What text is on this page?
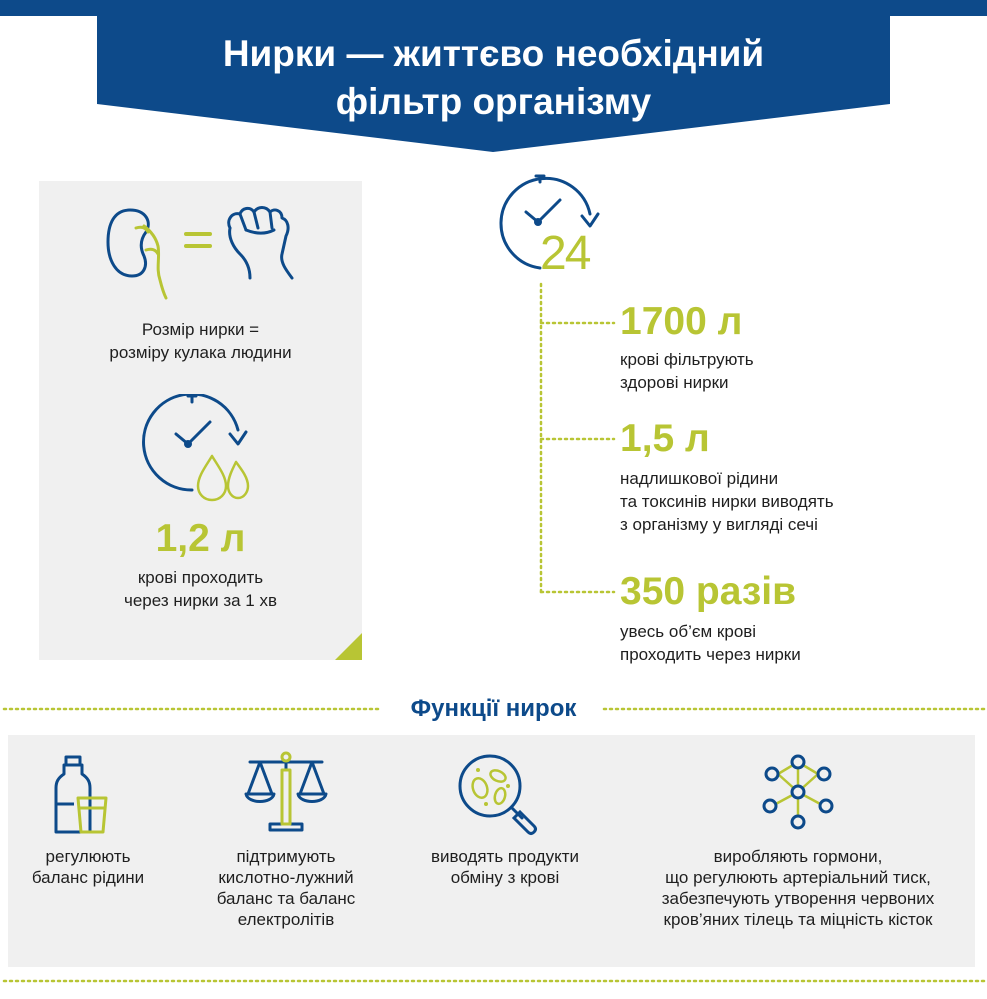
Нирки — життєво необхідний
фільтр організму
Розмір нирки =
розміру кулака людини
1,2 л
крові проходить
через нирки за 1 хв
24
1700 л
крові фільтрують
здорові нирки
1,5 л
надлишкової рідини
та токсинів нирки виводять
з організму у вигляді сечі
350 разів
увесь об’єм крові
проходить через нирки
Функції нирок
регулюють
баланс рідини
підтримують
кислотно-лужний
баланс та баланс
електролітів
виводять продукти
обміну з крові
виробляють гормони,
що регулюють артеріальний тиск,
забезпечують утворення червоних
кров’яних тілець та міцність кісток
